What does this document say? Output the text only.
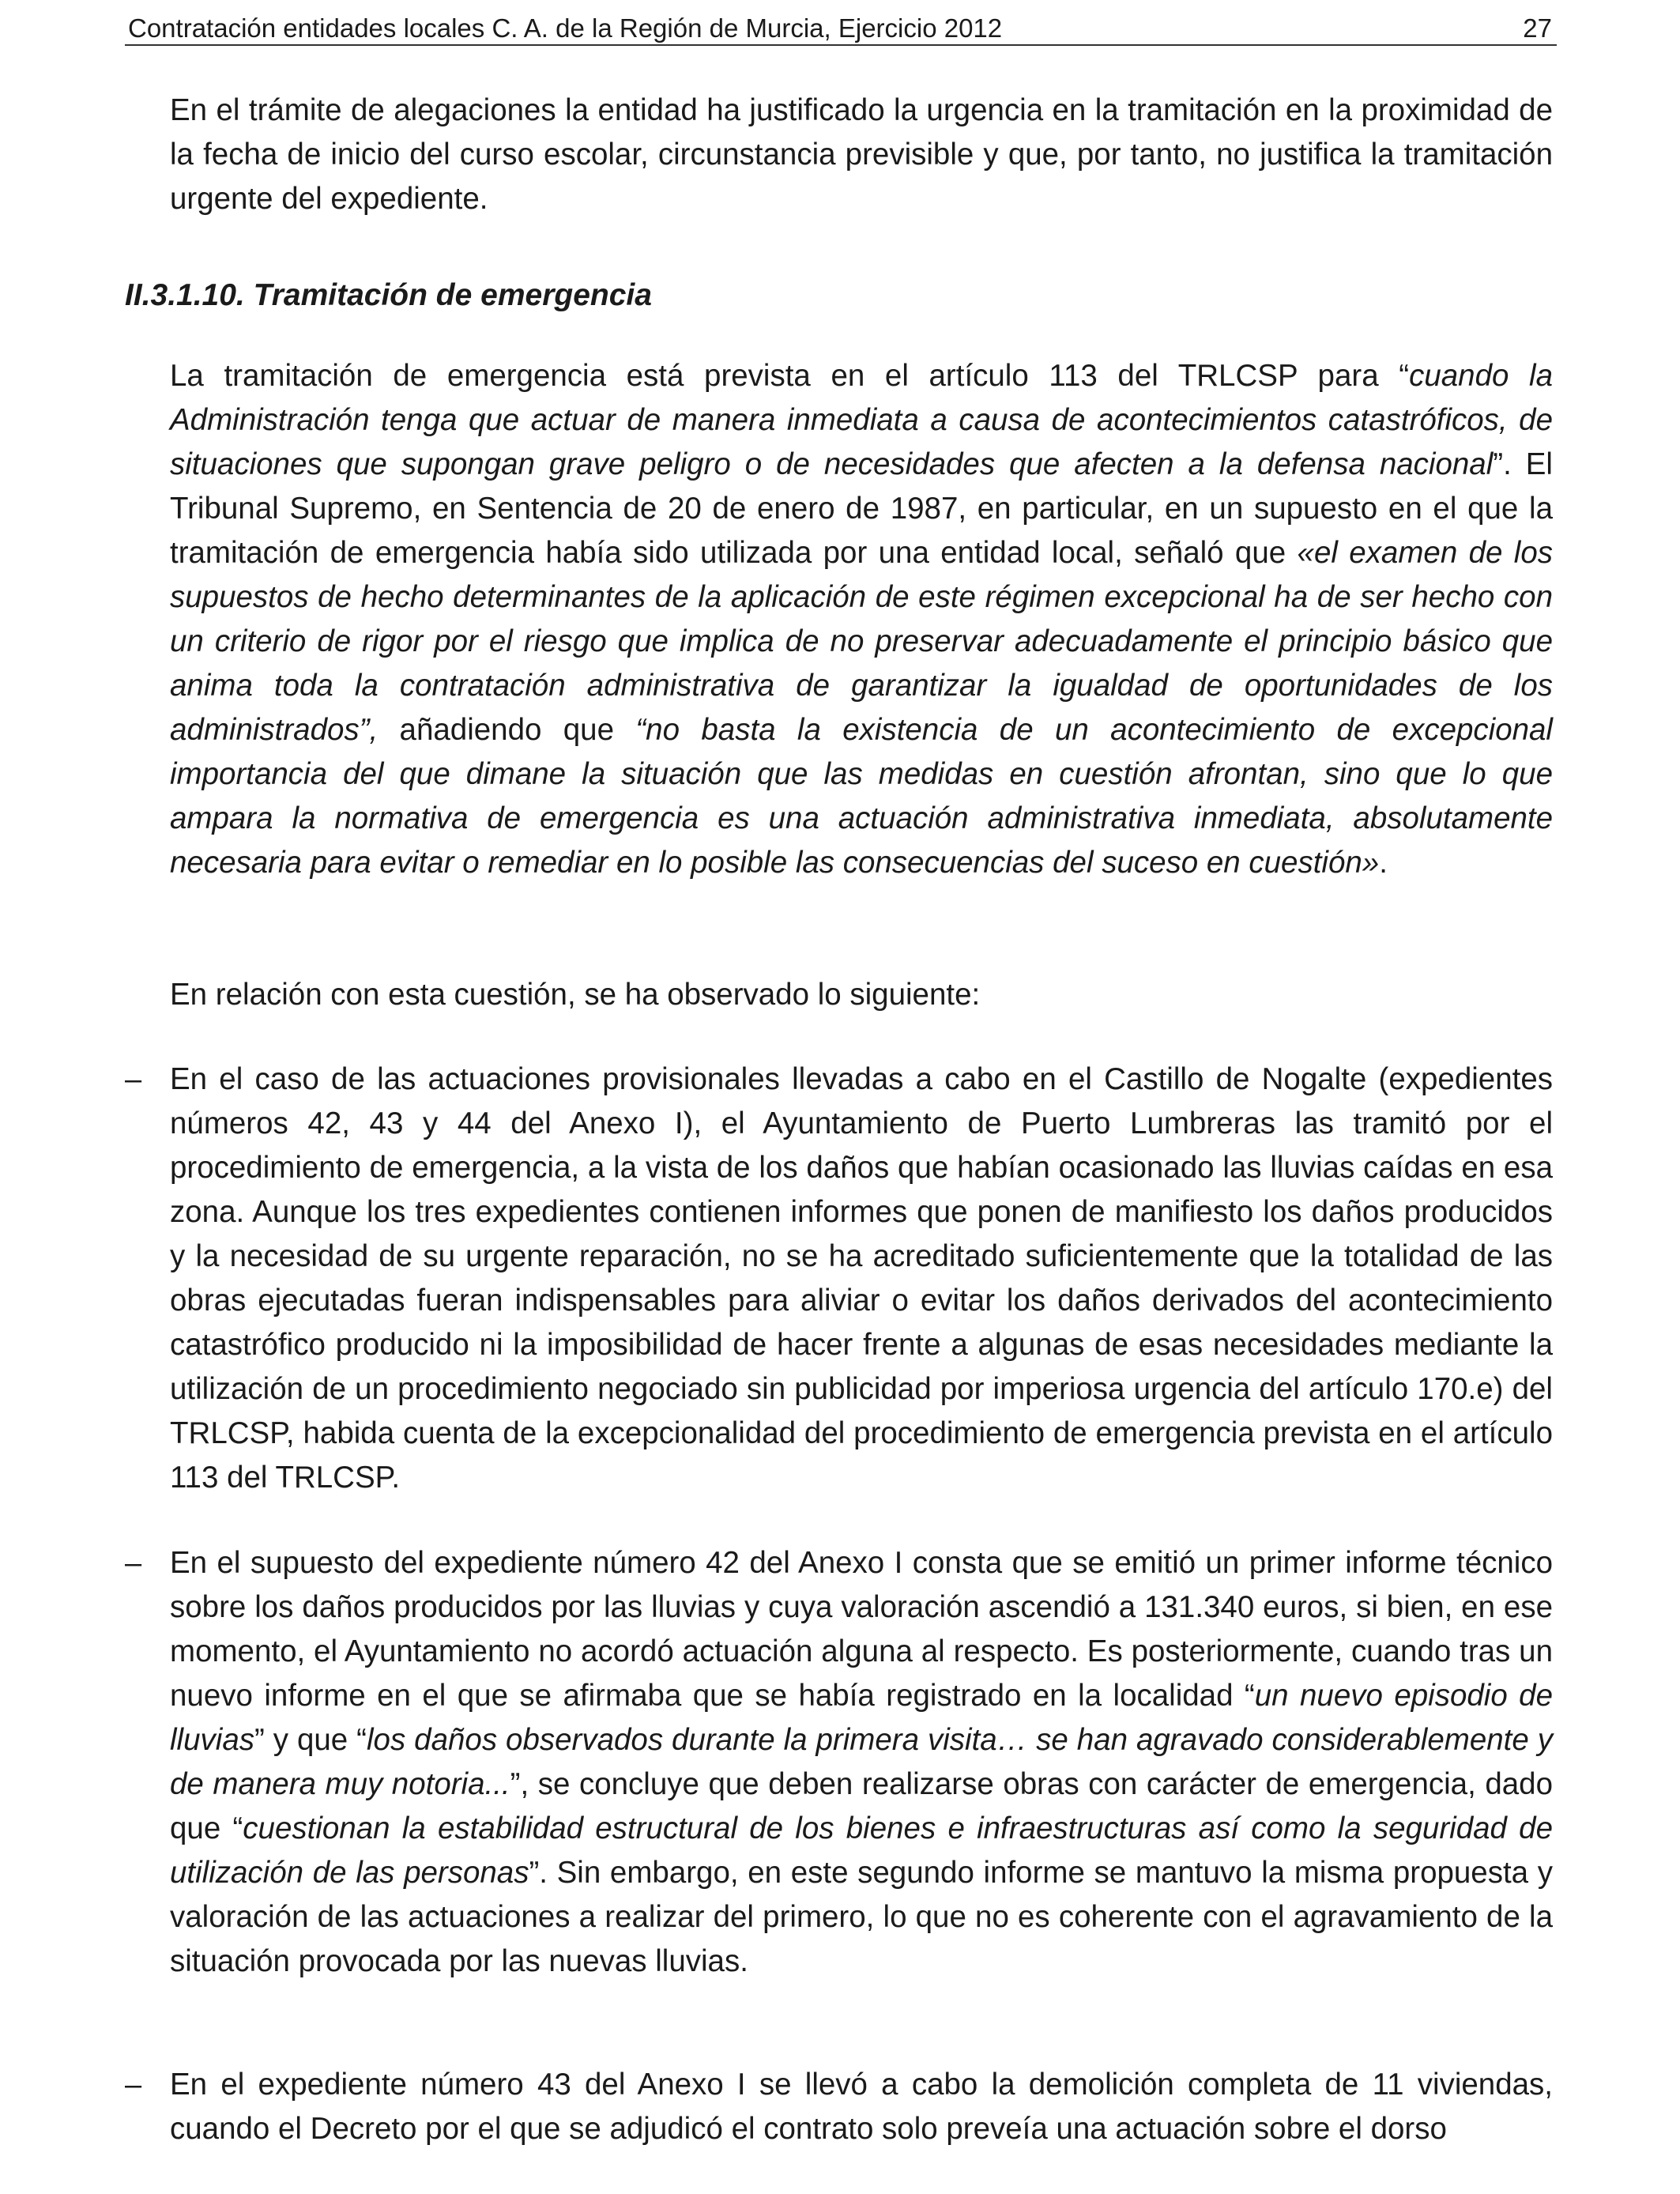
Contratación entidades locales C. A. de la Región de Murcia, Ejercicio 2012	27

En el trámite de alegaciones la entidad ha justificado la urgencia en la tramitación en la proximidad de la fecha de inicio del curso escolar, circunstancia previsible y que, por tanto, no justifica la tramitación urgente del expediente.

II.3.1.10. Tramitación de emergencia

La tramitación de emergencia está prevista en el artículo 113 del TRLCSP para “cuando la Administración tenga que actuar de manera inmediata a causa de acontecimientos catastróficos, de situaciones que supongan grave peligro o de necesidades que afecten a la defensa nacional”. El Tribunal Supremo, en Sentencia de 20 de enero de 1987, en particular, en un supuesto en el que la tramitación de emergencia había sido utilizada por una entidad local, señaló que «el examen de los supuestos de hecho determinantes de la aplicación de este régimen excepcional ha de ser hecho con un criterio de rigor por el riesgo que implica de no preservar adecuadamente el principio básico que anima toda la contratación administrativa de garantizar la igualdad de oportunidades de los administrados”, añadiendo que “no basta la existencia de un acontecimiento de excepcional importancia del que dimane la situación que las medidas en cuestión afrontan, sino que lo que ampara la normativa de emergencia es una actuación administrativa inmediata, absolutamente necesaria para evitar o remediar en lo posible las consecuencias del suceso en cuestión».

En relación con esta cuestión, se ha observado lo siguiente:

– En el caso de las actuaciones provisionales llevadas a cabo en el Castillo de Nogalte (expedientes números 42, 43 y 44 del Anexo I), el Ayuntamiento de Puerto Lumbreras las tramitó por el procedimiento de emergencia, a la vista de los daños que habían ocasionado las lluvias caídas en esa zona. Aunque los tres expedientes contienen informes que ponen de manifiesto los daños producidos y la necesidad de su urgente reparación, no se ha acreditado suficientemente que la totalidad de las obras ejecutadas fueran indispensables para aliviar o evitar los daños derivados del acontecimiento catastrófico producido ni la imposibilidad de hacer frente a algunas de esas necesidades mediante la utilización de un procedimiento negociado sin publicidad por imperiosa urgencia del artículo 170.e) del TRLCSP, habida cuenta de la excepcionalidad del procedimiento de emergencia prevista en el artículo 113 del TRLCSP.

– En el supuesto del expediente número 42 del Anexo I consta que se emitió un primer informe técnico sobre los daños producidos por las lluvias y cuya valoración ascendió a 131.340 euros, si bien, en ese momento, el Ayuntamiento no acordó actuación alguna al respecto. Es posteriormente, cuando tras un nuevo informe en el que se afirmaba que se había registrado en la localidad “un nuevo episodio de lluvias” y que “los daños observados durante la primera visita… se han agravado considerablemente y de manera muy notoria...”, se concluye que deben realizarse obras con carácter de emergencia, dado que “cuestionan la estabilidad estructural de los bienes e infraestructuras así como la seguridad de utilización de las personas”. Sin embargo, en este segundo informe se mantuvo la misma propuesta y valoración de las actuaciones a realizar del primero, lo que no es coherente con el agravamiento de la situación provocada por las nuevas lluvias.

– En el expediente número 43 del Anexo I se llevó a cabo la demolición completa de 11 viviendas, cuando el Decreto por el que se adjudicó el contrato solo preveía una actuación sobre el dorso
